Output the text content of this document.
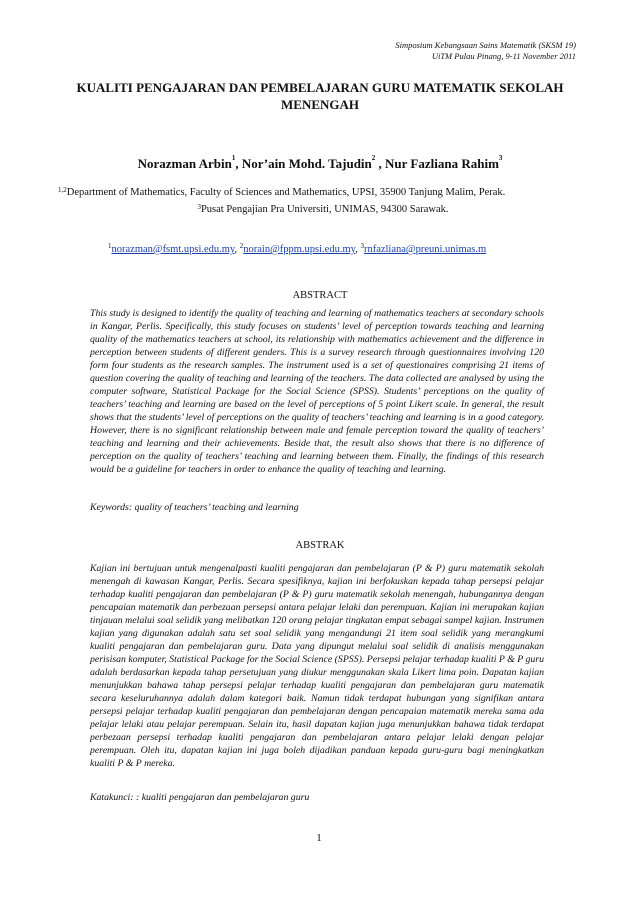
Simposium Kebangsaan Sains Matematik (SKSM 19)
UiTM Pulau Pinang, 9-11 November 2011
KUALITI PENGAJARAN DAN PEMBELAJARAN GURU MATEMATIK SEKOLAH
MENENGAH
Norazman Arbin$^1$, Nor’ain Mohd. Tajudin$^2$ , Nur Fazliana Rahim$^3$
$^{1,2}$Department of Mathematics, Faculty of Sciences and Mathematics, UPSI, 35900 Tanjung Malim, Perak.
$^3$Pusat Pengajian Pra Universiti, UNIMAS, 94300 Sarawak.
$^1$norazman@fsmt.upsi.edu.my, $^2$norain@fppm.upsi.edu.my, $^3$rnfazliana@preuni.unimas.m
ABSTRACT
This study is designed to identify the quality of teaching and learning of mathematics teachers at secondary schools in Kangar, Perlis. Specifically, this study focuses on students’ level of perception towards teaching and learning quality of the mathematics teachers at school, its relationship with mathematics achievement and the difference in perception between students of different genders. This is a survey research through questionnaires involving 120 form four students as the research samples. The instrument used is a set of questionaires comprising 21 items of question covering the quality of teaching and learning of the teachers. The data collected are analysed by using the computer software, Statistical Package for the Social Science (SPSS). Students’ perceptions on the quality of teachers’ teaching and learning are based on the level of perceptions of 5 point Likert scale. In general, the result shows that the students’ level of perceptions on the quality of teachers’ teaching and learning is in a good category. However, there is no significant relationship between male and female perception toward the quality of teachers’ teaching and learning and their achievements. Beside that, the result also shows that there is no difference of perception on the quality of teachers’ teaching and learning between them. Finally, the findings of this research would be a guideline for teachers in order to enhance the quality of teaching and learning.
Keywords: quality of teachers’ teaching and learning
ABSTRAK
Kajian ini bertujuan untuk mengenalpasti kualiti pengajaran dan pembelajaran (P & P) guru matematik sekolah menengah di kawasan Kangar, Perlis. Secara spesifiknya, kajian ini berfokuskan kepada tahap persepsi pelajar terhadap kualiti pengajaran dan pembelajaran (P & P) guru matematik sekolah menengah, hubungannya dengan pencapaian matematik dan perbezaan persepsi antara pelajar lelaki dan perempuan. Kajian ini merupakan kajian tinjauan melalui soal selidik yang melibatkan 120 orang pelajar tingkatan empat sebagai sampel kajian. Instrumen kajian yang digunakan adalah satu set soal selidik yang mengandungi 21 item soal selidik yang merangkumi kualiti pengajaran dan pembelajaran guru. Data yang dipungut melalui soal selidik di analisis menggunakan perisisan komputer, Statistical Package for the Social Science (SPSS). Persepsi pelajar terhadap kualiti P & P guru adalah berdasarkan kepada tahap persetujuan yang diukur menggunakan skala Likert lima poin. Dapatan kajian menunjukkan bahawa tahap persepsi pelajar terhadap kualiti pengajaran dan pembelajaran guru matematik secara keseluruhannya adalah dalam kategori baik. Namun tidak terdapat hubungan yang signifikan antara persepsi pelajar terhadap kualiti pengajaran dan pembelajaran dengan pencapaian matematik mereka sama ada pelajar lelaki atau pelajar perempuan. Selain itu, hasil dapatan kajian juga menunjukkan bahawa tidak terdapat perbezaan persepsi terhadap kualiti pengajaran dan pembelajaran antara pelajar lelaki dengan pelajar perempuan. Oleh itu, dapatan kajian ini juga boleh dijadikan panduan kepada guru-guru bagi meningkatkan kualiti P & P mereka.
Katakunci: : kualiti pengajaran dan pembelajaran guru
1
